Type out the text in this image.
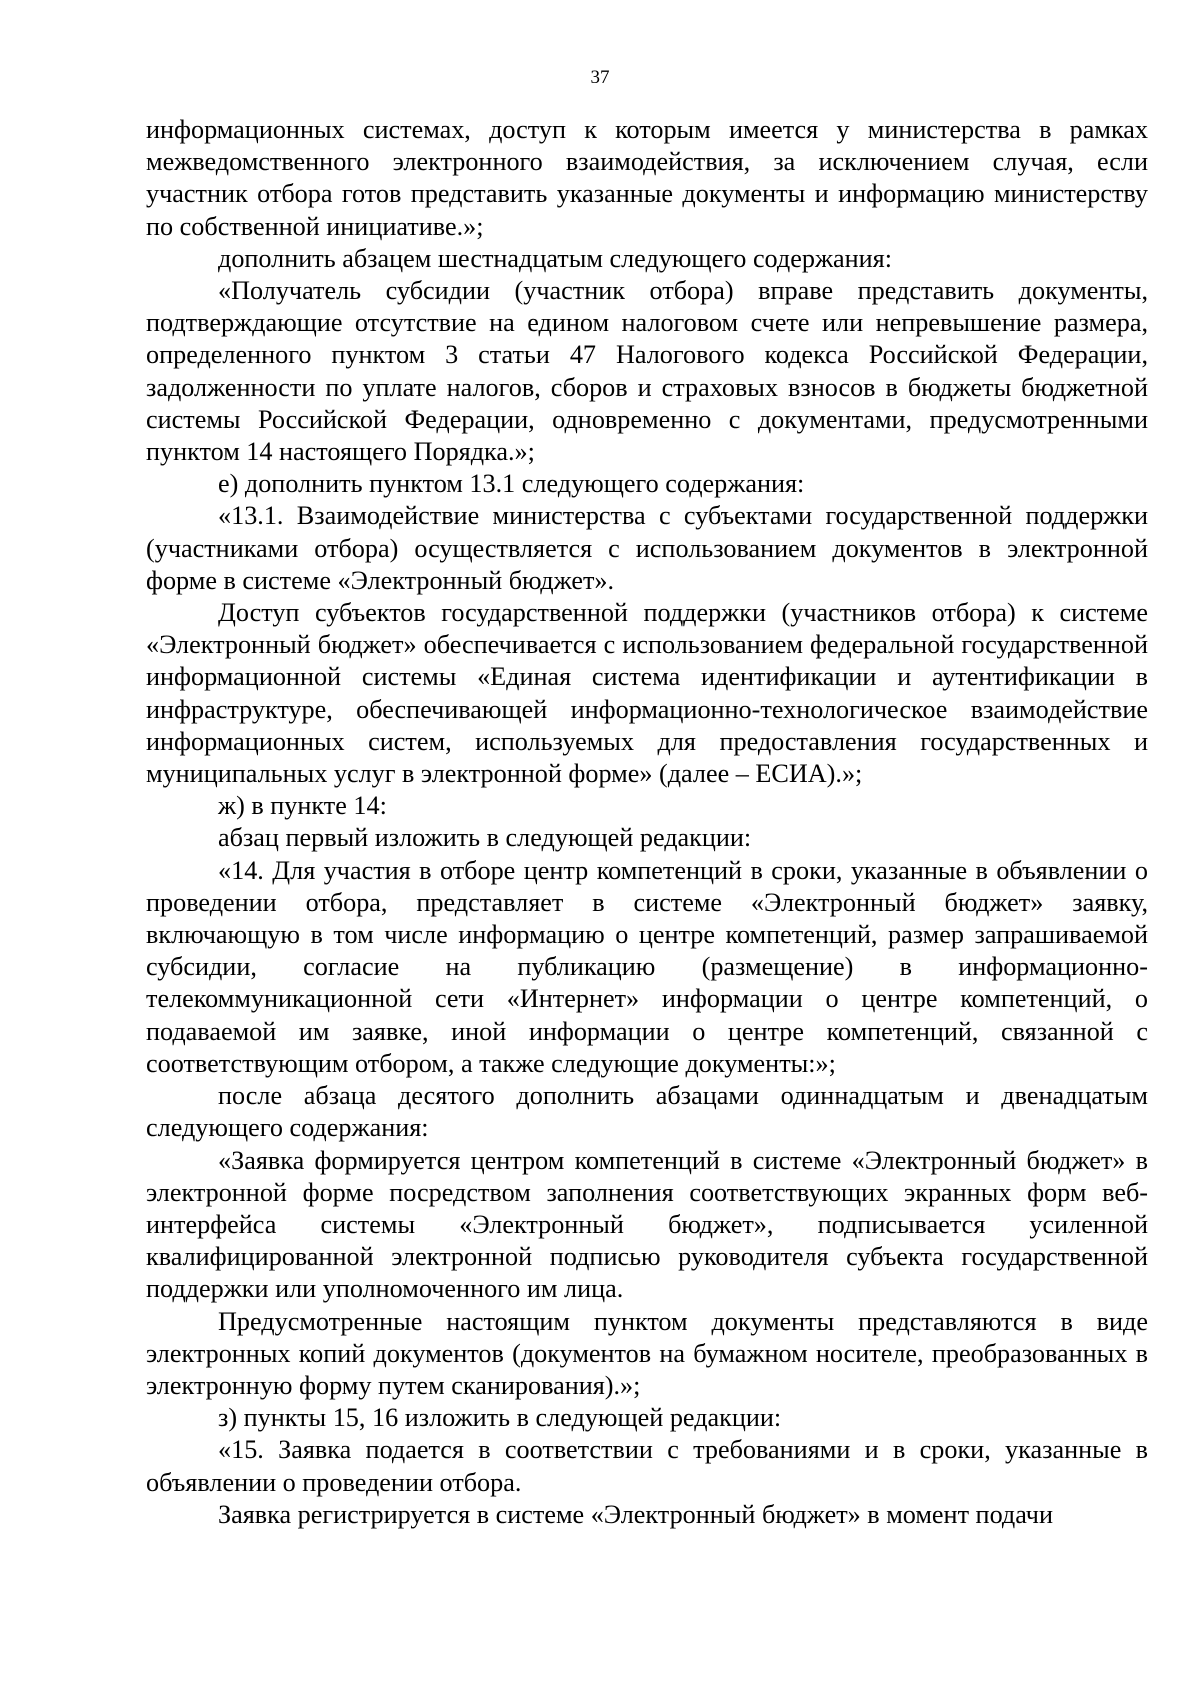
37

информационных системах, доступ к которым имеется у министерства в рамках межведомственного электронного взаимодействия, за исключением случая, если участник отбора готов представить указанные документы и информацию министерству по собственной инициативе.»;

дополнить абзацем шестнадцатым следующего содержания:

«Получатель субсидии (участник отбора) вправе представить документы, подтверждающие отсутствие на едином налоговом счете или непревышение размера, определенного пунктом 3 статьи 47 Налогового кодекса Российской Федерации, задолженности по уплате налогов, сборов и страховых взносов в бюджеты бюджетной системы Российской Федерации, одновременно с документами, предусмотренными пунктом 14 настоящего Порядка.»;

е) дополнить пунктом 13.1 следующего содержания:

«13.1. Взаимодействие министерства с субъектами государственной поддержки (участниками отбора) осуществляется с использованием документов в электронной форме в системе «Электронный бюджет».

Доступ субъектов государственной поддержки (участников отбора) к системе «Электронный бюджет» обеспечивается с использованием федеральной государственной информационной системы «Единая система идентификации и аутентификации в инфраструктуре, обеспечивающей информационно-технологическое взаимодействие информационных систем, используемых для предоставления государственных и муниципальных услуг в электронной форме» (далее – ЕСИА).»;

ж) в пункте 14:

абзац первый изложить в следующей редакции:

«14. Для участия в отборе центр компетенций в сроки, указанные в объявлении о проведении отбора, представляет в системе «Электронный бюджет» заявку, включающую в том числе информацию о центре компетенций, размер запрашиваемой субсидии, согласие на публикацию (размещение) в информационно-телекоммуникационной сети «Интернет» информации о центре компетенций, о подаваемой им заявке, иной информации о центре компетенций, связанной с соответствующим отбором, а также следующие документы:»;

после абзаца десятого дополнить абзацами одиннадцатым и двенадцатым следующего содержания:

«Заявка формируется центром компетенций в системе «Электронный бюджет» в электронной форме посредством заполнения соответствующих экранных форм веб-интерфейса системы «Электронный бюджет», подписывается усиленной квалифицированной электронной подписью руководителя субъекта государственной поддержки или уполномоченного им лица.

Предусмотренные настоящим пунктом документы представляются в виде электронных копий документов (документов на бумажном носителе, преобразованных в электронную форму путем сканирования).»;

з) пункты 15, 16 изложить в следующей редакции:

«15. Заявка подается в соответствии с требованиями и в сроки, указанные в объявлении о проведении отбора.

Заявка регистрируется в системе «Электронный бюджет» в момент подачи
